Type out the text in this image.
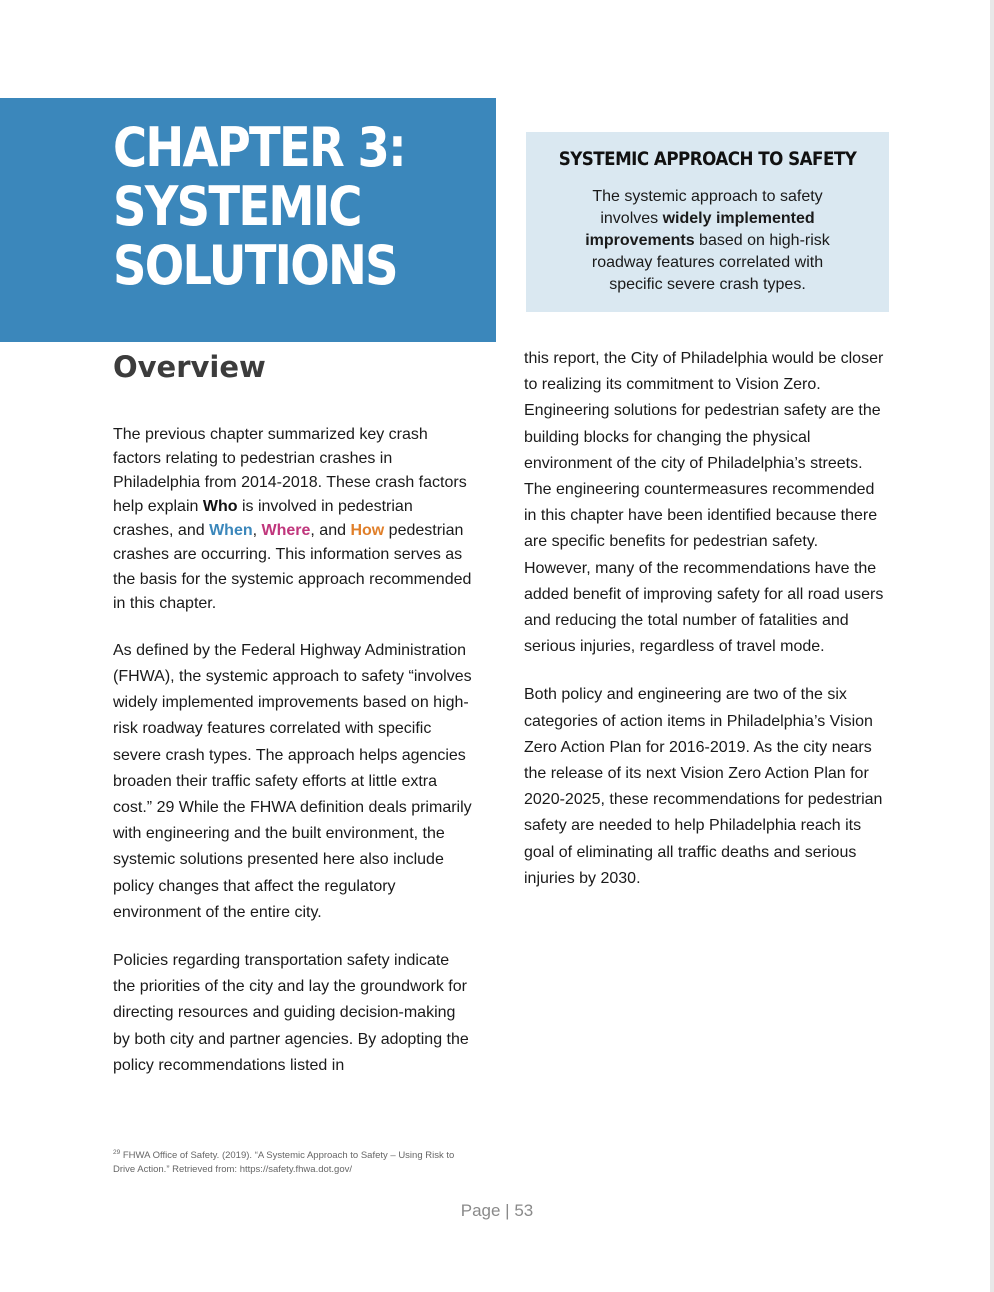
CHAPTER 3:
SYSTEMIC
SOLUTIONS
SYSTEMIC APPROACH TO SAFETY
The systemic approach to safety involves widely implemented improvements based on high-risk roadway features correlated with specific severe crash types.
Overview

The previous chapter summarized key crash factors relating to pedestrian crashes in Philadelphia from 2014-2018. These crash factors help explain Who is involved in pedestrian crashes, and When, Where, and How pedestrian crashes are occurring. This information serves as the basis for the systemic approach recommended in this chapter.

As defined by the Federal Highway Administration (FHWA), the systemic approach to safety “involves widely implemented improvements based on high-risk roadway features correlated with specific severe crash types. The approach helps agencies broaden their traffic safety efforts at little extra cost.” 29 While the FHWA definition deals primarily with engineering and the built environment, the systemic solutions presented here also include policy changes that affect the regulatory environment of the entire city.

Policies regarding transportation safety indicate the priorities of the city and lay the groundwork for directing resources and guiding decision-making by both city and partner agencies. By adopting the policy recommendations listed in

this report, the City of Philadelphia would be closer to realizing its commitment to Vision Zero. Engineering solutions for pedestrian safety are the building blocks for changing the physical environment of the city of Philadelphia’s streets. The engineering countermeasures recommended in this chapter have been identified because there are specific benefits for pedestrian safety. However, many of the recommendations have the added benefit of improving safety for all road users and reducing the total number of fatalities and serious injuries, regardless of travel mode.

Both policy and engineering are two of the six categories of action items in Philadelphia’s Vision Zero Action Plan for 2016-2019. As the city nears the release of its next Vision Zero Action Plan for 2020-2025, these recommendations for pedestrian safety are needed to help Philadelphia reach its goal of eliminating all traffic deaths and serious injuries by 2030.

$^{29}$ FHWA Office of Safety. (2019). “A Systemic Approach to Safety – Using Risk to Drive Action.” Retrieved from: https://safety.fhwa.dot.gov/
Page | 53
